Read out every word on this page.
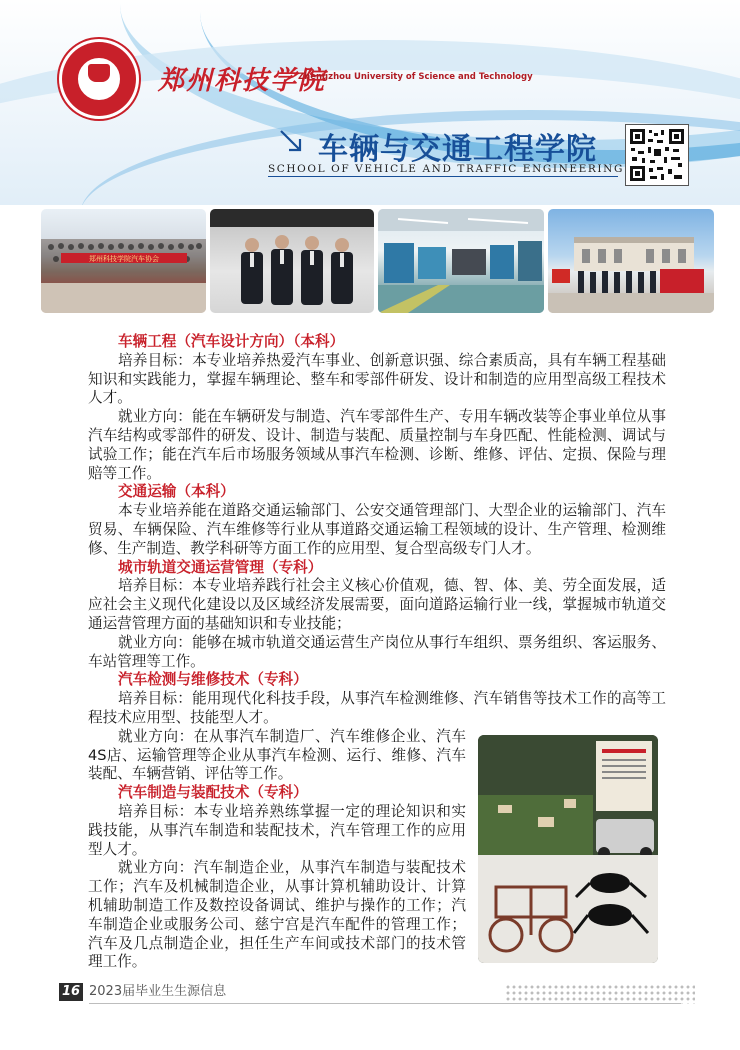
1985	郑州科技学院
Zhengzhou University of Science and Technology
车辆与交通工程学院
SCHOOL OF VEHICLE AND TRAFFIC ENGINEERING
郑州科技学院汽车协会

车辆工程（汽车设计方向）（本科）

培养目标：本专业培养热爱汽车事业、创新意识强、综合素质高，具有车辆工程基础知识和实践能力，掌握车辆理论、整车和零部件研发、设计和制造的应用型高级工程技术人才。

就业方向：能在车辆研发与制造、汽车零部件生产、专用车辆改装等企事业单位从事汽车结构或零部件的研发、设计、制造与装配、质量控制与车身匹配、性能检测、调试与试验工作；能在汽车后市场服务领域从事汽车检测、诊断、维修、评估、定损、保险与理赔等工作。

交通运输（本科）

本专业培养能在道路交通运输部门、公安交通管理部门、大型企业的运输部门、汽车贸易、车辆保险、汽车维修等行业从事道路交通运输工程领域的设计、生产管理、检测维修、生产制造、教学科研等方面工作的应用型、复合型高级专门人才。

城市轨道交通运营管理（专科）

培养目标：本专业培养践行社会主义核心价值观，德、智、体、美、劳全面发展，适应社会主义现代化建设以及区域经济发展需要，面向道路运输行业一线，掌握城市轨道交通运营管理方面的基础知识和专业技能；

就业方向：能够在城市轨道交通运营生产岗位从事行车组织、票务组织、客运服务、车站管理等工作。

汽车检测与维修技术（专科）

培养目标：能用现代化科技手段，从事汽车检测维修、汽车销售等技术工作的高等工程技术应用型、技能型人才。

就业方向：在从事汽车制造厂、汽车维修企业、汽车4S店、运输管理等企业从事汽车检测、运行、维修、汽车装配、车辆营销、评估等工作。

汽车制造与装配技术（专科）

培养目标：本专业培养熟练掌握一定的理论知识和实践技能，从事汽车制造和装配技术，汽车管理工作的应用型人才。

就业方向：汽车制造企业，从事汽车制造与装配技术工作；汽车及机械制造企业，从事计算机辅助设计、计算机辅助制造工作及数控设备调试、维护与操作的工作；汽车制造企业或服务公司、慈宁宫是汽车配件的管理工作；汽车及几点制造企业，担任生产车间或技术部门的技术管理工作。

16 2023届毕业生生源信息
